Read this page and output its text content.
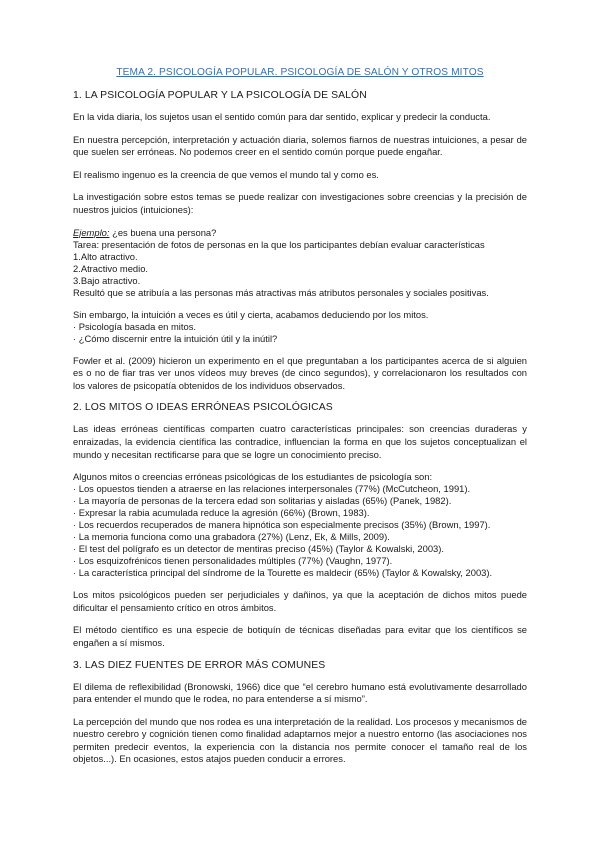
TEMA 2. PSICOLOGÍA POPULAR. PSICOLOGÍA DE SALÓN Y OTROS MITOS
1. LA PSICOLOGÍA POPULAR Y LA PSICOLOGÍA DE SALÓN

En la vida diaria, los sujetos usan el sentido común para dar sentido, explicar y predecir la conducta.

En nuestra percepción, interpretación y actuación diaria, solemos fiarnos de nuestras intuiciones, a pesar de que suelen ser erróneas. No podemos creer en el sentido común porque puede engañar.

El realismo ingenuo es la creencia de que vemos el mundo tal y como es.

La investigación sobre estos temas se puede realizar con investigaciones sobre creencias y la precisión de nuestros juicios (intuiciones):

Ejemplo: ¿es buena una persona?
Tarea: presentación de fotos de personas en la que los participantes debían evaluar características
1.Alto atractivo.
2.Atractivo medio.
3.Bajo atractivo.
Resultó que se atribuía a las personas más atractivas más atributos personales y sociales positivas.
Sin embargo, la intuición a veces es útil y cierta, acabamos deduciendo por los mitos.
· Psicología basada en mitos.
· ¿Cómo discernir entre la intuición útil y la inútil?

Fowler et al. (2009) hicieron un experimento en el que preguntaban a los participantes acerca de si alguien es o no de fiar tras ver unos vídeos muy breves (de cinco segundos), y correlacionaron los resultados con los valores de psicopatía obtenidos de los individuos observados.

2. LOS MITOS O IDEAS ERRÓNEAS PSICOLÓGICAS

Las ideas erróneas científicas comparten cuatro características principales: son creencias duraderas y enraizadas, la evidencia científica las contradice, influencian la forma en que los sujetos conceptualizan el mundo y necesitan rectificarse para que se logre un conocimiento preciso.

Algunos mitos o creencias erróneas psicológicas de los estudiantes de psicología son:
· Los opuestos tienden a atraerse en las relaciones interpersonales (77%) (McCutcheon, 1991).
· La mayoría de personas de la tercera edad son solitarias y aisladas (65%) (Panek, 1982).
· Expresar la rabia acumulada reduce la agresión (66%) (Brown, 1983).
· Los recuerdos recuperados de manera hipnótica son especialmente precisos (35%) (Brown, 1997).
· La memoria funciona como una grabadora (27%) (Lenz, Ek, & Mills, 2009).
· El test del polígrafo es un detector de mentiras preciso (45%) (Taylor & Kowalski, 2003).
· Los esquizofrénicos tienen personalidades múltiples (77%) (Vaughn, 1977).
· La característica principal del síndrome de la Tourette es maldecir (65%) (Taylor & Kowalsky, 2003).

Los mitos psicológicos pueden ser perjudiciales y dañinos, ya que la aceptación de dichos mitos puede dificultar el pensamiento crítico en otros ámbitos.

El método científico es una especie de botiquín de técnicas diseñadas para evitar que los científicos se engañen a sí mismos.

3. LAS DIEZ FUENTES DE ERROR MÁS COMUNES

El dilema de reflexibilidad (Bronowski, 1966) dice que “el cerebro humano está evolutivamente desarrollado para entender el mundo que le rodea, no para entenderse a sí mismo”.

La percepción del mundo que nos rodea es una interpretación de la realidad. Los procesos y mecanismos de nuestro cerebro y cognición tienen como finalidad adaptarnos mejor a nuestro entorno (las asociaciones nos permiten predecir eventos, la experiencia con la distancia nos permite conocer el tamaño real de los objetos...). En ocasiones, estos atajos pueden conducir a errores.
